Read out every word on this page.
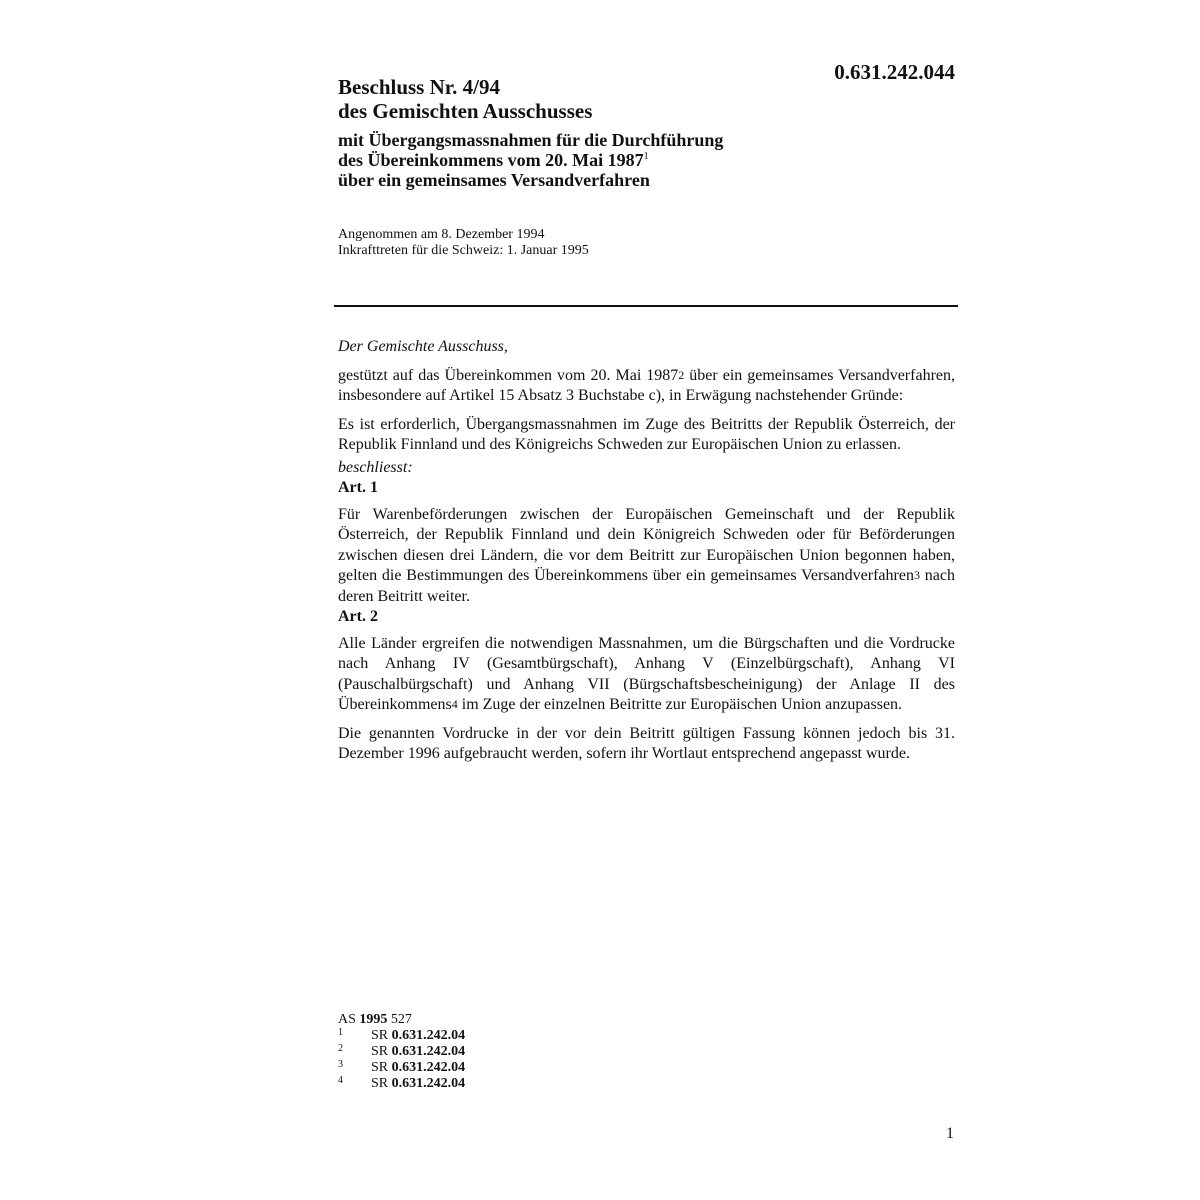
0.631.242.044
Beschluss Nr. 4/94
des Gemischten Ausschusses
mit Übergangsmassnahmen für die Durchführung
des Übereinkommens vom 20. Mai 1987$^1$
über ein gemeinsames Versandverfahren
Angenommen am 8. Dezember 1994
Inkrafttreten für die Schweiz: 1. Januar 1995

Der Gemischte Ausschuss,

gestützt auf das Übereinkommen vom 20. Mai 19872 über ein gemeinsames Versandverfahren, insbesondere auf Artikel 15 Absatz 3 Buchstabe c), in Erwägung nachstehender Gründe:

Es ist erforderlich, Übergangsmassnahmen im Zuge des Beitritts der Republik Österreich, der Republik Finnland und des Königreichs Schweden zur Europäischen Union zu erlassen.

beschliesst:

Art. 1

Für Warenbeförderungen zwischen der Europäischen Gemeinschaft und der Republik Österreich, der Republik Finnland und dein Königreich Schweden oder für Beförderungen zwischen diesen drei Ländern, die vor dem Beitritt zur Europäischen Union begonnen haben, gelten die Bestimmungen des Übereinkommens über ein gemeinsames Versandverfahren3 nach deren Beitritt weiter.

Art. 2

Alle Länder ergreifen die notwendigen Massnahmen, um die Bürgschaften und die Vordrucke nach Anhang IV (Gesamtbürgschaft), Anhang V (Einzelbürgschaft), Anhang VI (Pauschalbürgschaft) und Anhang VII (Bürgschaftsbescheinigung) der Anlage II des Übereinkommens4 im Zuge der einzelnen Beitritte zur Europäischen Union anzupassen.

Die genannten Vordrucke in der vor dein Beitritt gültigen Fassung können jedoch bis 31. Dezember 1996 aufgebraucht werden, sofern ihr Wortlaut entsprechend angepasst wurde.

AS 1995 527
1 SR 0.631.242.04
2 SR 0.631.242.04
3 SR 0.631.242.04
4 SR 0.631.242.04
1
